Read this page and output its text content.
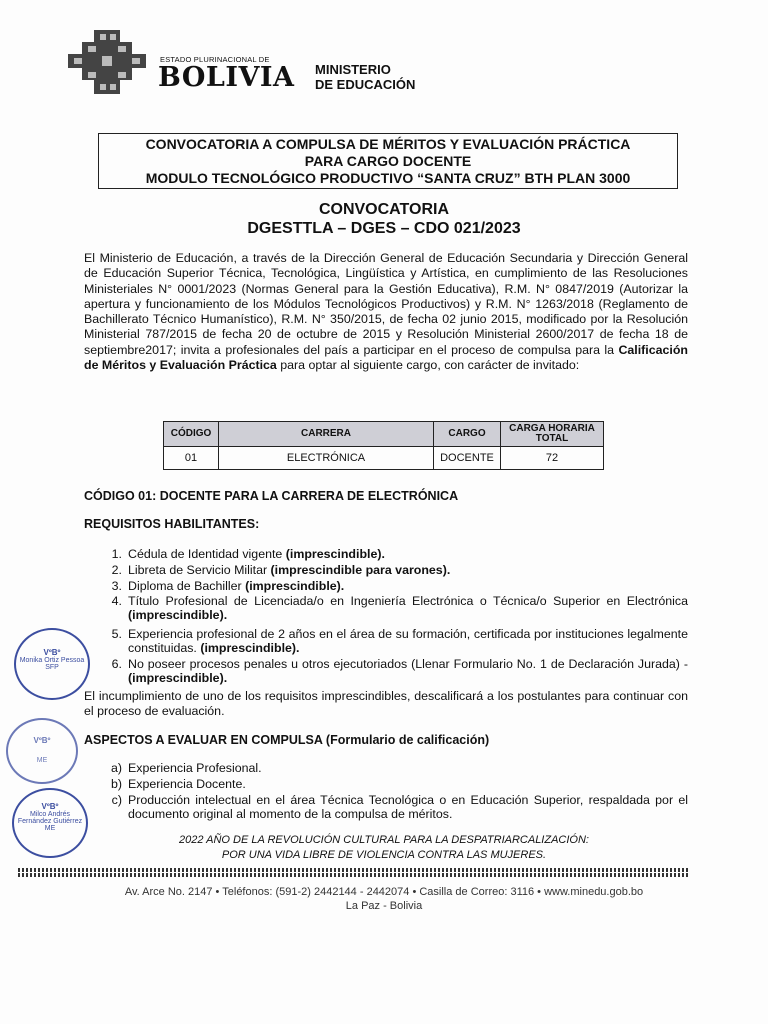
ESTADO PLURINACIONAL DE
BOLIVIA MINISTERIO
DE EDUCACIÓN
CONVOCATORIA A COMPULSA DE MÉRITOS Y EVALUACIÓN PRÁCTICA
PARA CARGO DOCENTE
MODULO TECNOLÓGICO PRODUCTIVO “SANTA CRUZ” BTH PLAN 3000
CONVOCATORIA
DGESTTLA – DGES – CDO 021/2023
El Ministerio de Educación, a través de la Dirección General de Educación Secundaria y Dirección General de Educación Superior Técnica, Tecnológica, Lingüística y Artística, en cumplimiento de las Resoluciones Ministeriales N° 0001/2023 (Normas General para la Gestión Educativa), R.M. N° 0847/2019 (Autorizar la apertura y funcionamiento de los Módulos Tecnológicos Productivos) y R.M. N° 1263/2018 (Reglamento de Bachillerato Técnico Humanístico), R.M. N° 350/2015, de fecha 02 junio 2015, modificado por la Resolución Ministerial 787/2015 de fecha 20 de octubre de 2015 y Resolución Ministerial 2600/2017 de fecha 18 de septiembre2017; invita a profesionales del país a participar en el proceso de compulsa para la Calificación de Méritos y Evaluación Práctica para optar al siguiente cargo, con carácter de invitado:
CÓDIGO	CARRERA	CARGO	CARGA HORARIA TOTAL
01	ELECTRÓNICA	DOCENTE	72
CÓDIGO 01: DOCENTE PARA LA CARRERA DE ELECTRÓNICA
REQUISITOS HABILITANTES:
1. Cédula de Identidad vigente (imprescindible).
2. Libreta de Servicio Militar (imprescindible para varones).
3. Diploma de Bachiller (imprescindible).
4. Título Profesional de Licenciada/o en Ingeniería Electrónica o Técnica/o Superior en Electrónica (imprescindible).
5. Experiencia profesional de 2 años en el área de su formación, certificada por instituciones legalmente constituidas. (imprescindible).
6. No poseer procesos penales u otros ejecutoriados (Llenar Formulario No. 1 de Declaración Jurada) - (imprescindible).
El incumplimiento de uno de los requisitos imprescindibles, descalificará a los postulantes para continuar con el proceso de evaluación.
ASPECTOS A EVALUAR EN COMPULSA (Formulario de calificación)
a) Experiencia Profesional.
b) Experiencia Docente.
c) Producción intelectual en el área Técnica Tecnológica o en Educación Superior, respaldada por el documento original al momento de la compulsa de méritos.
2022 AÑO DE LA REVOLUCIÓN CULTURAL PARA LA DESPATRIARCALIZACIÓN:
POR UNA VIDA LIBRE DE VIOLENCIA CONTRA LAS MUJERES.
Av. Arce No. 2147 • Teléfonos: (591-2) 2442144 - 2442074 • Casilla de Correo: 3116 • www.minedu.gob.bo
La Paz - Bolivia
VºBº
Monika Ortiz Pessoa
SFP
VºBº
ME
VºBº
Milco Andrés Fernández Gutiérrez
ME
